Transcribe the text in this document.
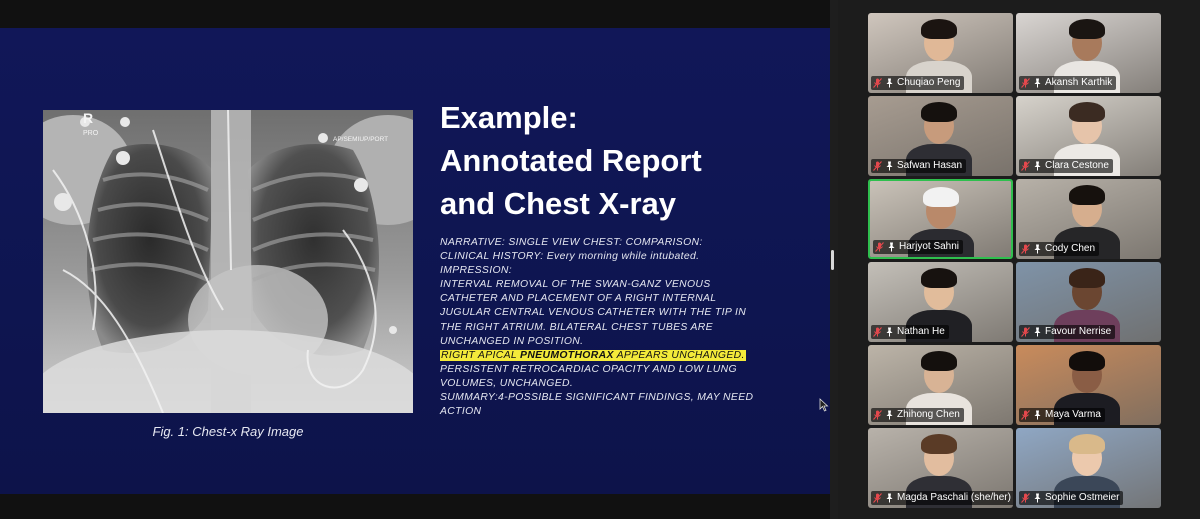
R
PRO
AP/SEMIUP/PORT
Fig. 1: Chest-x Ray Image
Example:
Annotated Report
and Chest X-ray
NARRATIVE: SINGLE VIEW CHEST: COMPARISON:
CLINICAL HISTORY: Every morning while intubated.
IMPRESSION:
INTERVAL REMOVAL OF THE SWAN-GANZ VENOUS
CATHETER AND PLACEMENT OF A RIGHT INTERNAL
JUGULAR CENTRAL VENOUS CATHETER WITH THE TIP IN
THE RIGHT ATRIUM. BILATERAL CHEST TUBES ARE
UNCHANGED IN POSITION.
RIGHT APICAL PNEUMOTHORAX APPEARS UNCHANGED.
PERSISTENT RETROCARDIAC OPACITY AND LOW LUNG
VOLUMES, UNCHANGED.
SUMMARY:4-POSSIBLE SIGNIFICANT FINDINGS, MAY NEED
ACTION
Chuqiao Peng	Akansh Karthik
Safwan Hasan	Clara Cestone
Harjyot Sahni	Cody Chen
Nathan He	Favour Nerrise
Zhihong Chen	Maya Varma
Magda Paschali (she/her)	Sophie Ostmeier
